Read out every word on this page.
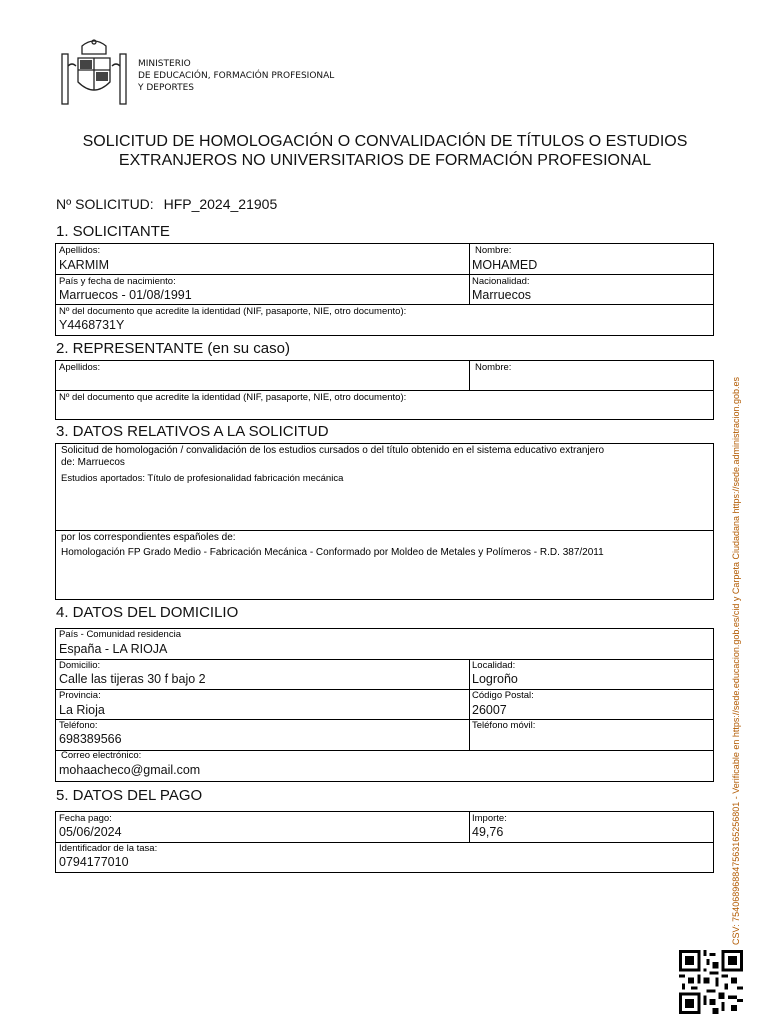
MINISTERIO
DE EDUCACIÓN, FORMACIÓN PROFESIONAL
Y DEPORTES
SOLICITUD DE HOMOLOGACIÓN O CONVALIDACIÓN DE TÍTULOS O ESTUDIOS
EXTRANJEROS NO UNIVERSITARIOS DE FORMACIÓN PROFESIONAL
Nº SOLICITUD: HFP_2024_21905
1. SOLICITANTE
Apellidos:
KARMIM
Nombre:
MOHAMED
País y fecha de nacimiento:
Marruecos - 01/08/1991
Nacionalidad:
Marruecos
Nº del documento que acredite la identidad (NIF, pasaporte, NIE, otro documento):
Y4468731Y
2. REPRESENTANTE (en su caso)
Apellidos:	Nombre:
Nº del documento que acredite la identidad (NIF, pasaporte, NIE, otro documento):
3. DATOS RELATIVOS A LA SOLICITUD
Solicitud de homologación / convalidación de los estudios cursados o del título obtenido en el sistema educativo extranjero
de: Marruecos
Estudios aportados: Título de profesionalidad fabricación mecánica
por los correspondientes españoles de:
Homologación FP Grado Medio - Fabricación Mecánica - Conformado por Moldeo de Metales y Polímeros - R.D. 387/2011
4. DATOS DEL DOMICILIO
País - Comunidad residencia
España - LA RIOJA
Domicilio:
Calle las tijeras 30 f bajo 2
Localidad:
Logroño
Provincia:
La Rioja
Código Postal:
26007
Teléfono:
698389566
Teléfono móvil:
Correo electrónico:
mohaacheco@gmail.com
5. DATOS DEL PAGO
Fecha pago:
05/06/2024
Importe:
49,76
Identificador de la tasa:
0794177010	CSV: 754068968847563165256801 - Verificable en https://sede.educacion.gob.es/cid y Carpeta Ciudadana https://sede.administracion.gob.es
